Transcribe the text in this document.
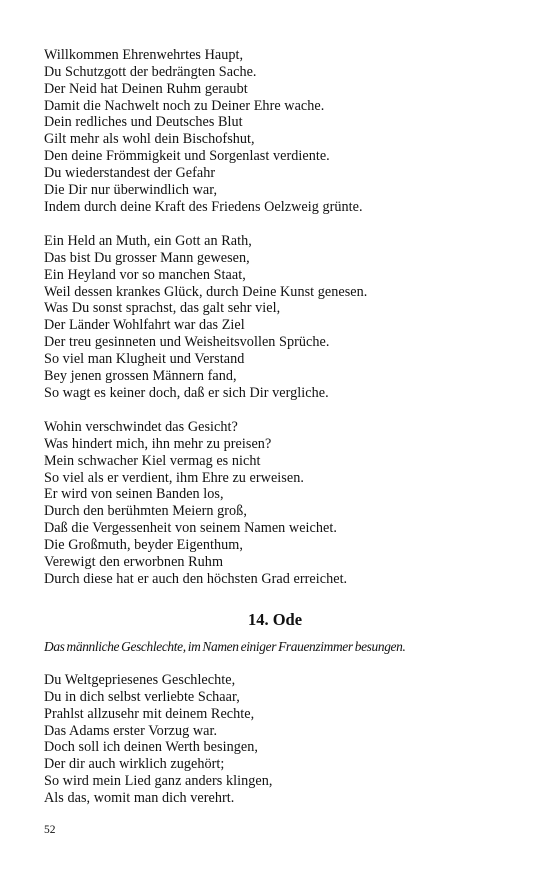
Willkommen Ehrenwehrtes Haupt,
Du Schutzgott der bedrängten Sache.
Der Neid hat Deinen Ruhm geraubt
Damit die Nachwelt noch zu Deiner Ehre wache.
Dein redliches und Deutsches Blut
Gilt mehr als wohl dein Bischofshut,
Den deine Frömmigkeit und Sorgenlast verdiente.
Du wiederstandest der Gefahr
Die Dir nur überwindlich war,
Indem durch deine Kraft des Friedens Oelzweig grünte.
Ein Held an Muth, ein Gott an Rath,
Das bist Du grosser Mann gewesen,
Ein Heyland vor so manchen Staat,
Weil dessen krankes Glück, durch Deine Kunst genesen.
Was Du sonst sprachst, das galt sehr viel,
Der Länder Wohlfahrt war das Ziel
Der treu gesinneten und Weisheitsvollen Sprüche.
So viel man Klugheit und Verstand
Bey jenen grossen Männern fand,
So wagt es keiner doch, daß er sich Dir vergliche.
Wohin verschwindet das Gesicht?
Was hindert mich, ihn mehr zu preisen?
Mein schwacher Kiel vermag es nicht
So viel als er verdient, ihm Ehre zu erweisen.
Er wird von seinen Banden los,
Durch den berühmten Meiern groß,
Daß die Vergessenheit von seinem Namen weichet.
Die Großmuth, beyder Eigenthum,
Verewigt den erworbnen Ruhm
Durch diese hat er auch den höchsten Grad erreichet.
14. Ode
Das männliche Geschlechte, im Namen einiger Frauenzimmer besungen.
Du Weltgepriesenes Geschlechte,
Du in dich selbst verliebte Schaar,
Prahlst allzusehr mit deinem Rechte,
Das Adams erster Vorzug war.
Doch soll ich deinen Werth besingen,
Der dir auch wirklich zugehört;
So wird mein Lied ganz anders klingen,
Als das, womit man dich verehrt.
52
